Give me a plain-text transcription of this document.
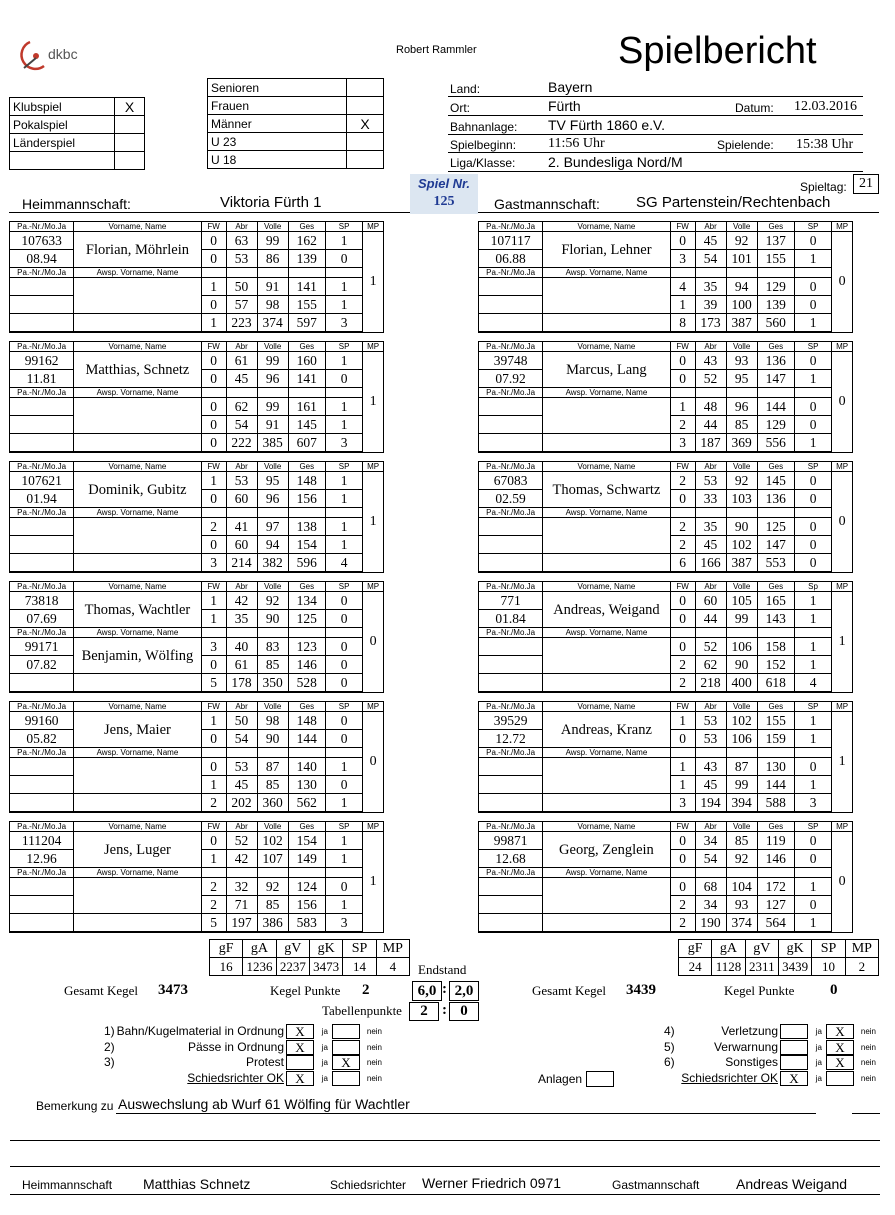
dkbc	Robert Rammler	Spielbericht
Klubspiel	X
Pokalspiel	
Länderspiel	

Senioren	
Frauen	
Männer	X
U 23	
U 18	
Land:	Bayern
Ort:	Fürth	Datum: 12.03.2016
Bahnanlage: TV Fürth 1860 e.V.
Spielbeginn: 11:56 Uhr	Spielende: 15:38 Uhr
Liga/Klasse: 2. Bundesliga Nord/M
Spieltag: 21
Spiel Nr.
125
Heimmannschaft:	Viktoria Fürth 1	Gastmannschaft: SG Partenstein/Rechtenbach
Pa.-Nr./Mo.Ja	Vorname, Name	FW	Abr	Volle	Ges	SP	MP
107633	Florian, Möhrlein	0	63	99	162	1	1
08.94		0	53	86	139	0	
Pa.-Nr./Mo.Ja	Awsp. Vorname, Name						
		1	50	91	141	1	
		0	57	98	155	1	
		1	223	374	597	3	
Pa.-Nr./Mo.Ja	Vorname, Name	FW	Abr	Volle	Ges	SP	MP
107117	Florian, Lehner	0	45	92	137	0	0
06.88		3	54	101	155	1	
Pa.-Nr./Mo.Ja	Awsp. Vorname, Name						
		4	35	94	129	0	
		1	39	100	139	0	
		8	173	387	560	1	
Pa.-Nr./Mo.Ja	Vorname, Name	FW	Abr	Volle	Ges	SP	MP
99162	Matthias, Schnetz	0	61	99	160	1	1
11.81		0	45	96	141	0	
Pa.-Nr./Mo.Ja	Awsp. Vorname, Name						
		0	62	99	161	1	
		0	54	91	145	1	
		0	222	385	607	3	
Pa.-Nr./Mo.Ja	Vorname, Name	FW	Abr	Volle	Ges	SP	MP
39748	Marcus, Lang	0	43	93	136	0	0
07.92		0	52	95	147	1	
Pa.-Nr./Mo.Ja	Awsp. Vorname, Name						
		1	48	96	144	0	
		2	44	85	129	0	
		3	187	369	556	1	
Pa.-Nr./Mo.Ja	Vorname, Name	FW	Abr	Volle	Ges	SP	MP
107621	Dominik, Gubitz	1	53	95	148	1	1
01.94		0	60	96	156	1	
Pa.-Nr./Mo.Ja	Awsp. Vorname, Name						
		2	41	97	138	1	
		0	60	94	154	1	
		3	214	382	596	4	
Pa.-Nr./Mo.Ja	Vorname, Name	FW	Abr	Volle	Ges	SP	MP
67083	Thomas, Schwartz	2	53	92	145	0	0
02.59		0	33	103	136	0	
Pa.-Nr./Mo.Ja	Awsp. Vorname, Name						
		2	35	90	125	0	
		2	45	102	147	0	
		6	166	387	553	0	
Pa.-Nr./Mo.Ja	Vorname, Name	FW	Abr	Volle	Ges	SP	MP
73818	Thomas, Wachtler	1	42	92	134	0	0
07.69		1	35	90	125	0	
Pa.-Nr./Mo.Ja	Awsp. Vorname, Name						
99171	Benjamin, Wölfing	3	40	83	123	0	
07.82		0	61	85	146	0	
		5	178	350	528	0	
Pa.-Nr./Mo.Ja	Vorname, Name	FW	Abr	Volle	Ges	Sp	MP
771	Andreas, Weigand	0	60	105	165	1	1
01.84		0	44	99	143	1	
Pa.-Nr./Mo.Ja	Awsp. Vorname, Name						
		0	52	106	158	1	
		2	62	90	152	1	
		2	218	400	618	4	
Pa.-Nr./Mo.Ja	Vorname, Name	FW	Abr	Volle	Ges	SP	MP
99160	Jens, Maier	1	50	98	148	0	0
05.82		0	54	90	144	0	
Pa.-Nr./Mo.Ja	Awsp. Vorname, Name						
		0	53	87	140	1	
		1	45	85	130	0	
		2	202	360	562	1	
Pa.-Nr./Mo.Ja	Vorname, Name	FW	Abr	Volle	Ges	SP	MP
39529	Andreas, Kranz	1	53	102	155	1	1
12.72		0	53	106	159	1	
Pa.-Nr./Mo.Ja	Awsp. Vorname, Name						
		1	43	87	130	0	
		1	45	99	144	1	
		3	194	394	588	3	
Pa.-Nr./Mo.Ja	Vorname, Name	FW	Abr	Volle	Ges	SP	MP
111204	Jens, Luger	0	52	102	154	1	1
12.96		1	42	107	149	1	
Pa.-Nr./Mo.Ja	Awsp. Vorname, Name						
		2	32	92	124	0	
		2	71	85	156	1	
		5	197	386	583	3	
Pa.-Nr./Mo.Ja	Vorname, Name	FW	Abr	Volle	Ges	SP	MP
99871	Georg, Zenglein	0	34	85	119	0	0
12.68		0	54	92	146	0	
Pa.-Nr./Mo.Ja	Awsp. Vorname, Name						
		0	68	104	172	1	
		2	34	93	127	0	
		2	190	374	564	1	
gF	gA	gV	gK	SP	MP
16	1236	2237	3473	14	4
gF	gA	gV	gK	SP	MP
24	1128	2311	3439	10	2
Endstand
Gesamt Kegel 3473	Kegel Punkte 2	6,0 : 2,0
Tabellenpunkte	2 : 0
Gesamt Kegel 3439	Kegel Punkte 0
1) Bahn/Kugelmaterial in Ordnung X	ja	nein
2)	Pässe in Ordnung X	ja	nein
3)	Protest	ja	X	nein
Schiedsrichter OK X	ja	nein
4)	Verletzung	ja	X	nein
5)	Verwarnung	ja	X	nein
6)	Sonstiges	ja	X	nein
Schiedsrichter OK X	ja	nein
Anlagen
Bemerkung zu Auswechslung ab Wurf 61 Wölfing für Wachtler
Heimmannschaft Matthias Schnetz	Schiedsrichter Werner Friedrich 0971	Gastmannschaft	Andreas Weigand
